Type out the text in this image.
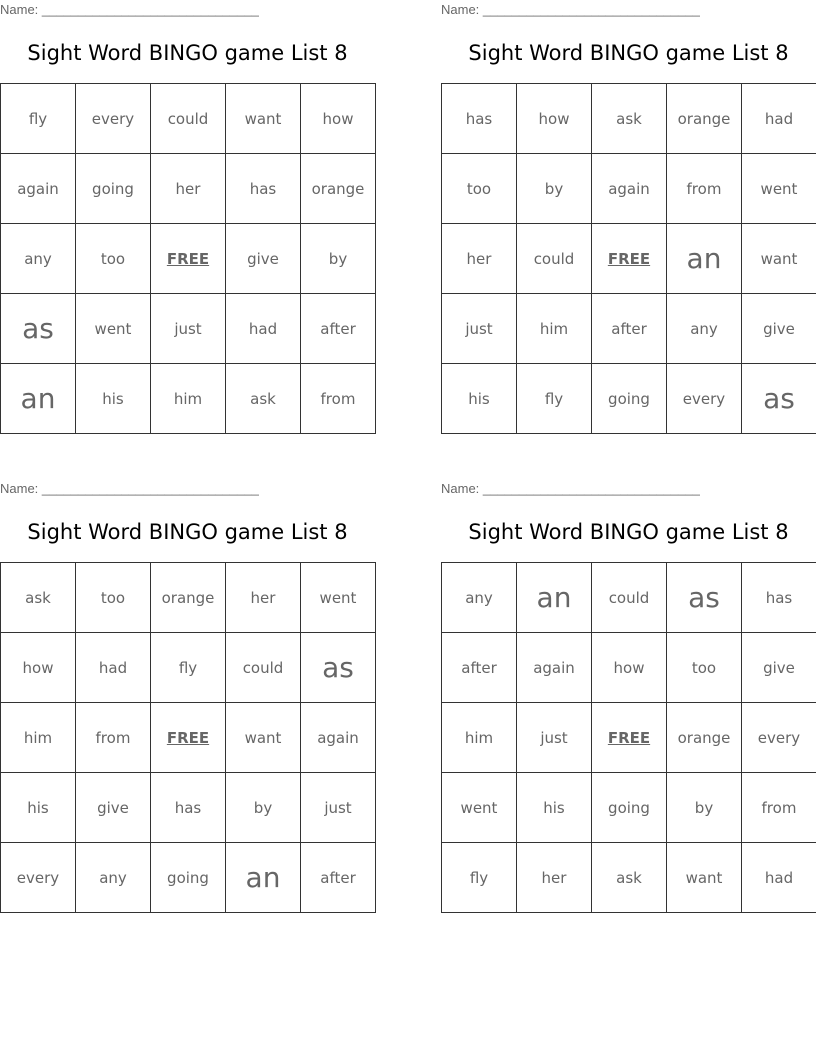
Name: ______________________________
Sight Word BINGO game List 8
fly	every	could	want	how
again	going	her	has	orange
any	too	FREE	give	by
as	went	just	had	after
an	his	him	ask	from
Name: ______________________________
Sight Word BINGO game List 8
has	how	ask	orange	had
too	by	again	from	went
her	could	FREE	an	want
just	him	after	any	give
his	fly	going	every	as
Name: ______________________________
Sight Word BINGO game List 8
ask	too	orange	her	went
how	had	fly	could	as
him	from	FREE	want	again
his	give	has	by	just
every	any	going	an	after
Name: ______________________________
Sight Word BINGO game List 8
any	an	could	as	has
after	again	how	too	give
him	just	FREE	orange	every
went	his	going	by	from
fly	her	ask	want	had
